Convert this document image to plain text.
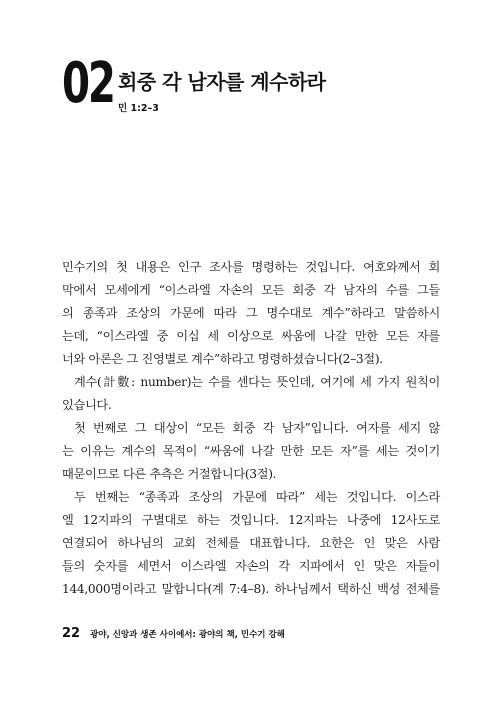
02 회중 각 남자를 계수하라
민 1:2–3
민수기의 첫 내용은 인구 조사를 명령하는 것입니다. 여호와께서 회
막에서 모세에게 “이스라엘 자손의 모든 회중 각 남자의 수를 그들
의 종족과 조상의 가문에 따라 그 명수대로 계수”하라고 말씀하시
는데, “이스라엘 중 이십 세 이상으로 싸움에 나갈 만한 모든 자를
너와 아론은 그 진영별로 계수”하라고 명령하셨습니다(2–3절).
계수(計數: number)는 수를 센다는 뜻인데, 여기에 세 가지 원칙이
있습니다.
첫 번째로 그 대상이 “모든 회중 각 남자”입니다. 여자를 세지 않
는 이유는 계수의 목적이 “싸움에 나갈 만한 모든 자”를 세는 것이기
때문이므로 다른 추측은 거절합니다(3절).
두 번째는 “종족과 조상의 가문에 따라” 세는 것입니다. 이스라
엘 12지파의 구별대로 하는 것입니다. 12지파는 나중에 12사도로
연결되어 하나님의 교회 전체를 대표합니다. 요한은 인 맞은 사람
들의 숫자를 세면서 이스라엘 자손의 각 지파에서 인 맞은 자들이
144,000명이라고 말합니다(계 7:4–8). 하나님께서 택하신 백성 전체를
22 광야, 신앙과 생존 사이에서: 광야의 책, 민수기 강해
